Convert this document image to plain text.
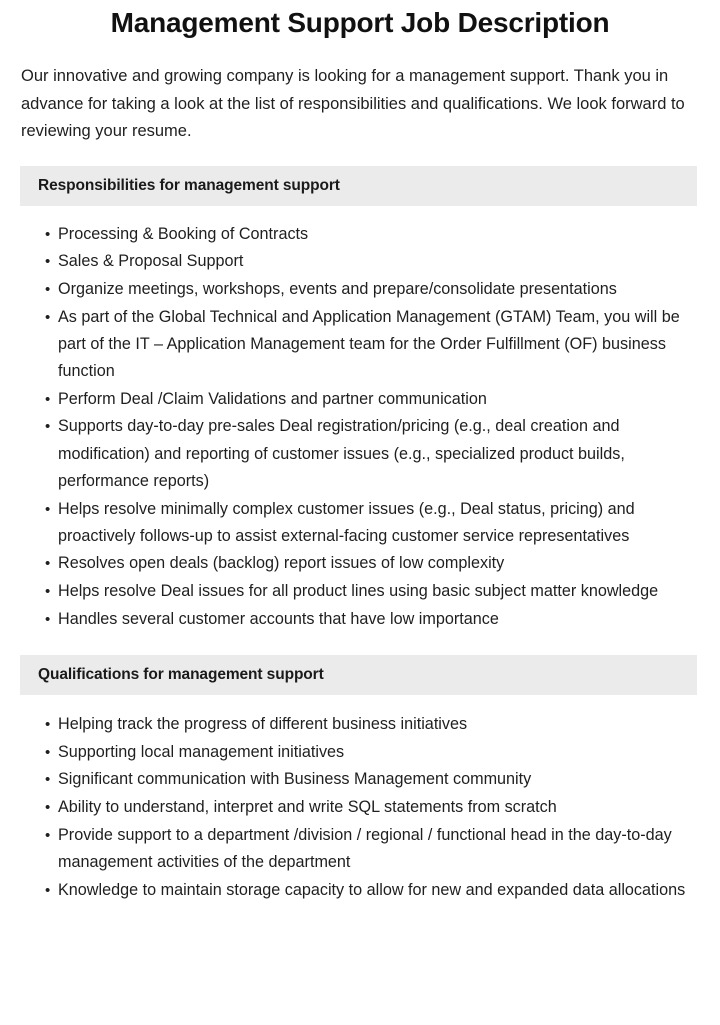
Management Support Job Description

Our innovative and growing company is looking for a management support. Thank you in advance for taking a look at the list of responsibilities and qualifications. We look forward to reviewing your resume.

Responsibilities for management support
• Processing & Booking of Contracts
• Sales & Proposal Support
• Organize meetings, workshops, events and prepare/consolidate presentations
• As part of the Global Technical and Application Management (GTAM) Team, you will be part of the IT – Application Management team for the Order Fulfillment (OF) business function
• Perform Deal /Claim Validations and partner communication
• Supports day-to-day pre-sales Deal registration/pricing (e.g., deal creation and modification) and reporting of customer issues (e.g., specialized product builds, performance reports)
• Helps resolve minimally complex customer issues (e.g., Deal status, pricing) and proactively follows-up to assist external-facing customer service representatives
• Resolves open deals (backlog) report issues of low complexity
• Helps resolve Deal issues for all product lines using basic subject matter knowledge
• Handles several customer accounts that have low importance
Qualifications for management support
• Helping track the progress of different business initiatives
• Supporting local management initiatives
• Significant communication with Business Management community
• Ability to understand, interpret and write SQL statements from scratch
• Provide support to a department /division / regional / functional head in the day-to-day management activities of the department
• Knowledge to maintain storage capacity to allow for new and expanded data allocations
